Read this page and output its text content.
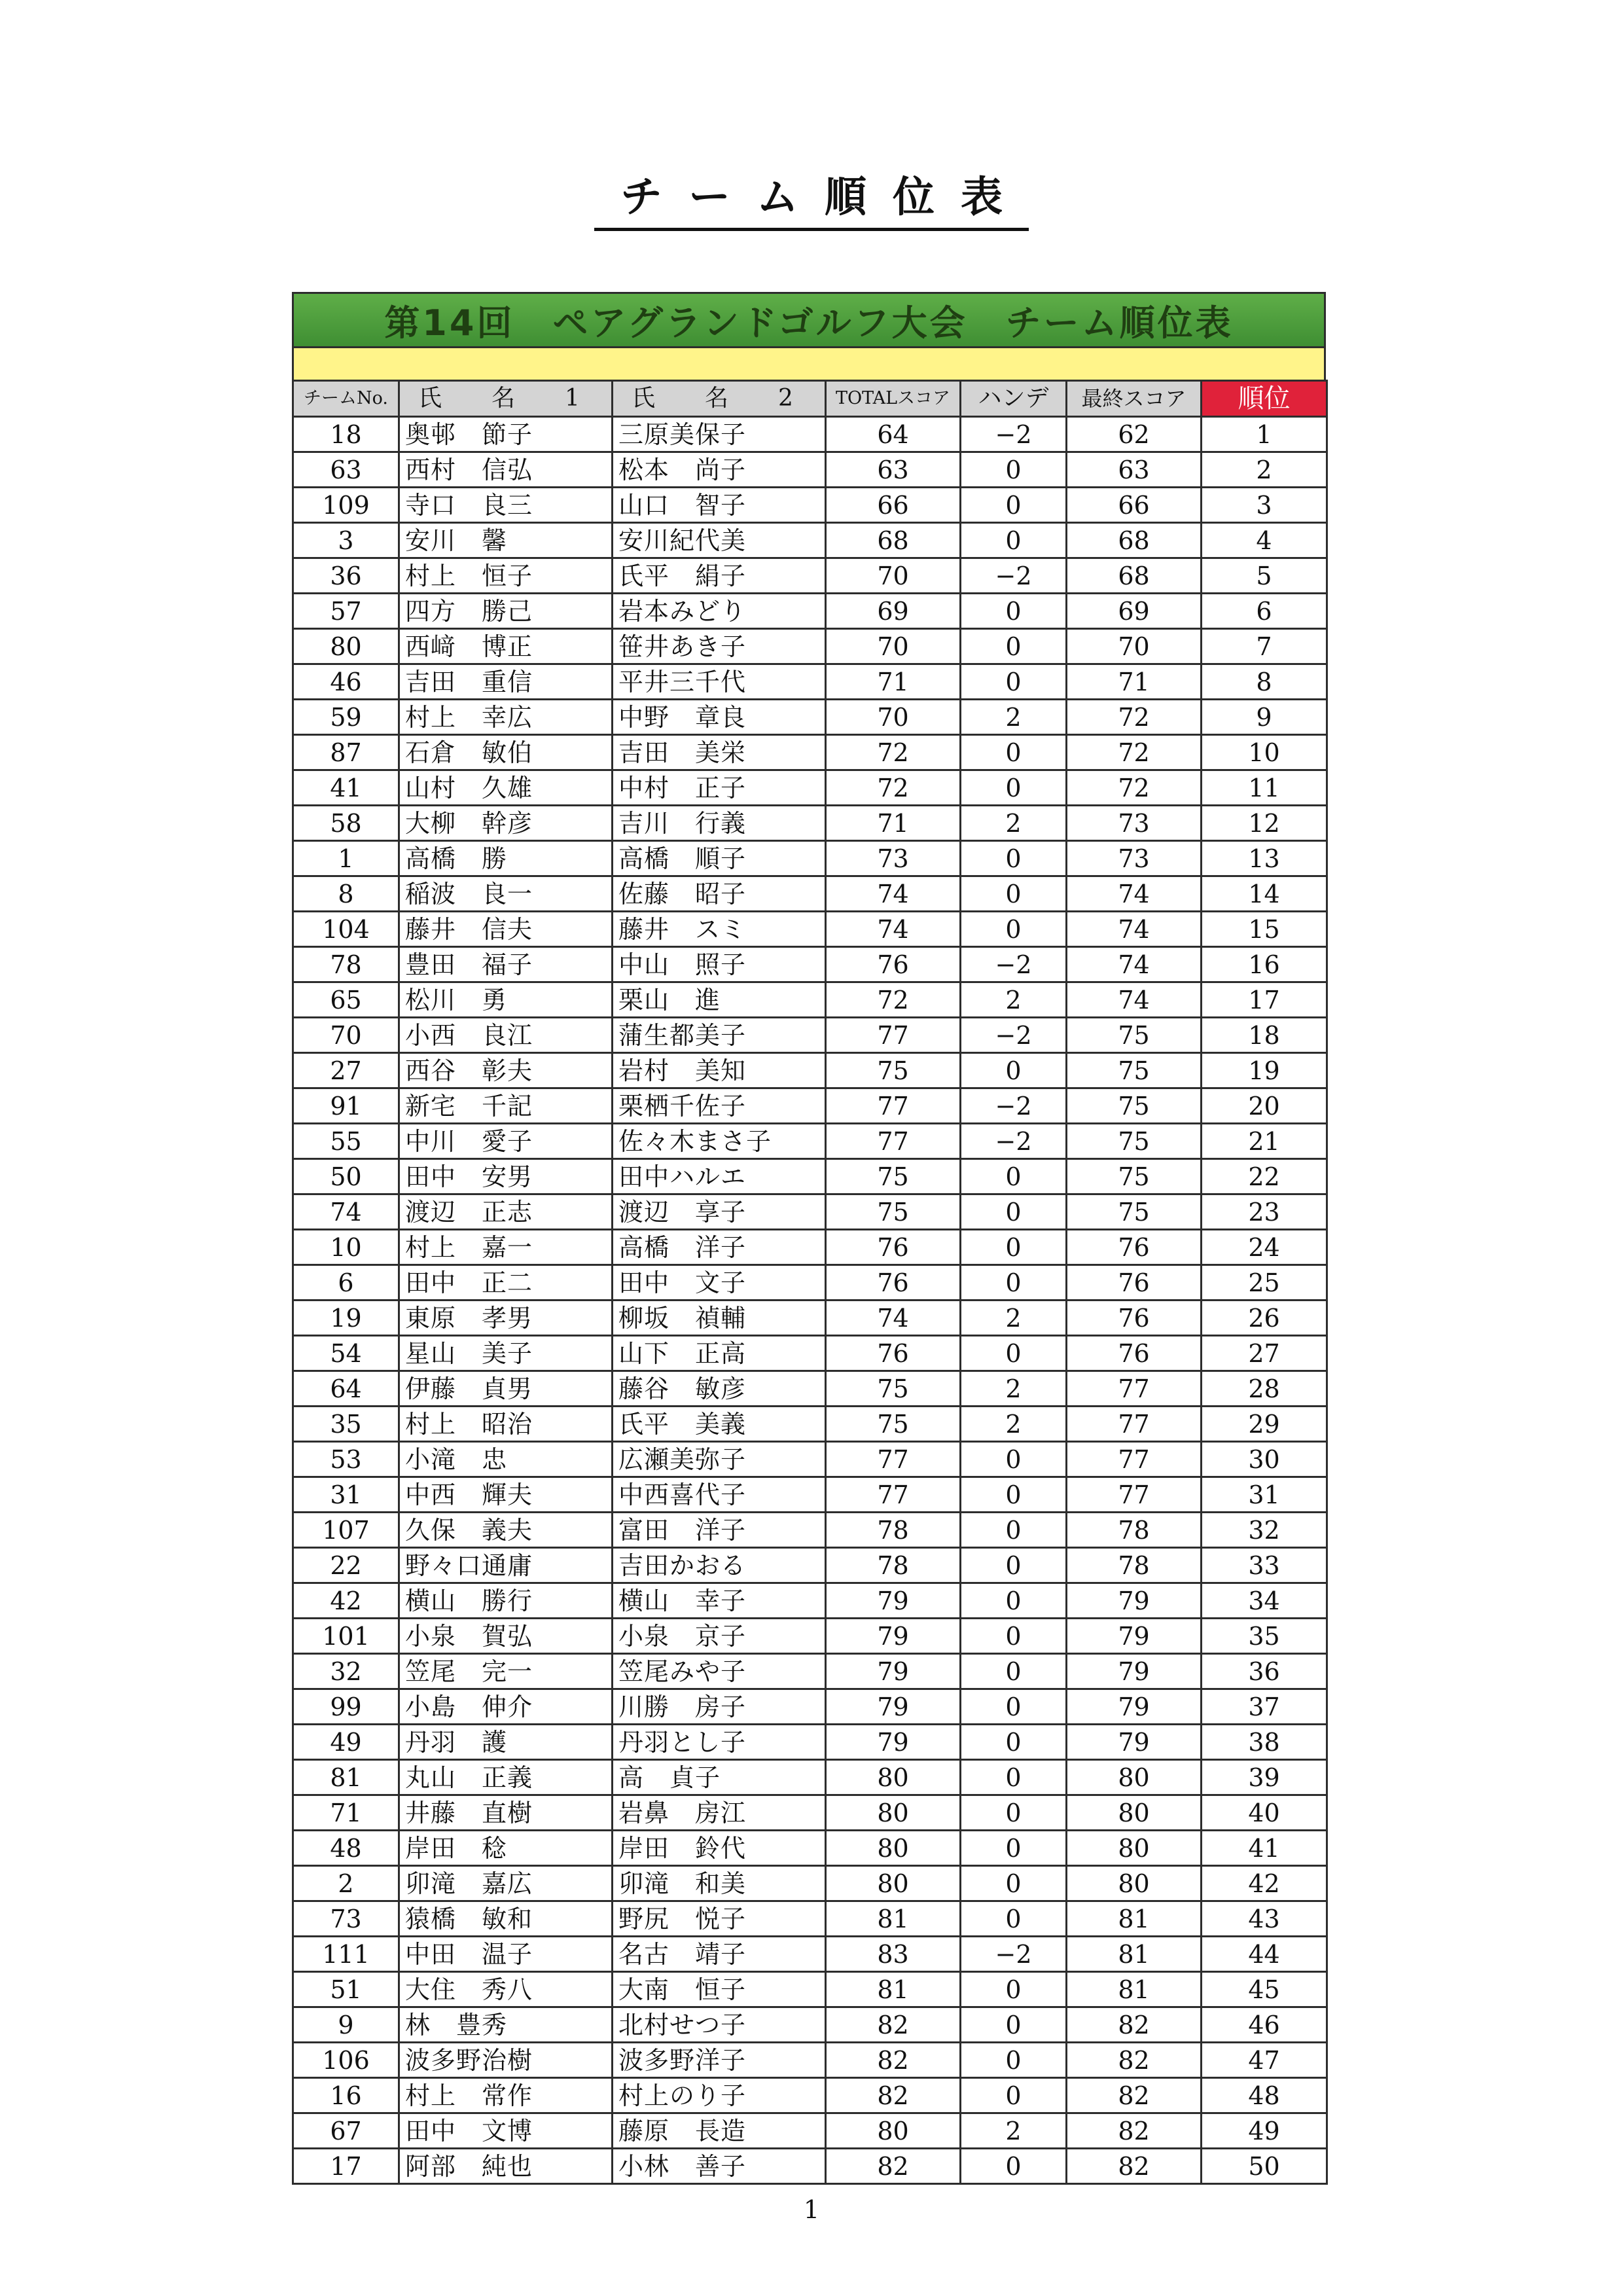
チーム順位表
第14回　ペアグランドゴルフ大会　チーム順位表
チームNo.	氏　名　1	氏　名　2	TOTALスコア	ハンデ	最終スコア	順位
18	奥邨　節子	三原美保子	64	−2	62	1
63	西村　信弘	松本　尚子	63	0	63	2
109	寺口　良三	山口　智子	66	0	66	3
3	安川　馨	安川紀代美	68	0	68	4
36	村上　恒子	氏平　絹子	70	−2	68	5
57	四方　勝己	岩本みどり	69	0	69	6
80	西﨑　博正	笹井あき子	70	0	70	7
46	吉田　重信	平井三千代	71	0	71	8
59	村上　幸広	中野　章良	70	2	72	9
87	石倉　敏伯	吉田　美栄	72	0	72	10
41	山村　久雄	中村　正子	72	0	72	11
58	大柳　幹彦	吉川　行義	71	2	73	12
1	高橋　勝	高橋　順子	73	0	73	13
8	稲波　良一	佐藤　昭子	74	0	74	14
104	藤井　信夫	藤井　スミ	74	0	74	15
78	豊田　福子	中山　照子	76	−2	74	16
65	松川　勇	栗山　進	72	2	74	17
70	小西　良江	蒲生都美子	77	−2	75	18
27	西谷　彰夫	岩村　美知	75	0	75	19
91	新宅　千記	栗栖千佐子	77	−2	75	20
55	中川　愛子	佐々木まさ子	77	−2	75	21
50	田中　安男	田中ハルエ	75	0	75	22
74	渡辺　正志	渡辺　享子	75	0	75	23
10	村上　嘉一	高橋　洋子	76	0	76	24
6	田中　正二	田中　文子	76	0	76	25
19	東原　孝男	柳坂　禎輔	74	2	76	26
54	星山　美子	山下　正高	76	0	76	27
64	伊藤　貞男	藤谷　敏彦	75	2	77	28
35	村上　昭治	氏平　美義	75	2	77	29
53	小滝　忠	広瀬美弥子	77	0	77	30
31	中西　輝夫	中西喜代子	77	0	77	31
107	久保　義夫	富田　洋子	78	0	78	32
22	野々口通庸	吉田かおる	78	0	78	33
42	横山　勝行	横山　幸子	79	0	79	34
101	小泉　賀弘	小泉　京子	79	0	79	35
32	笠尾　完一	笠尾みや子	79	0	79	36
99	小島　伸介	川勝　房子	79	0	79	37
49	丹羽　護	丹羽とし子	79	0	79	38
81	丸山　正義	高　貞子	80	0	80	39
71	井藤　直樹	岩鼻　房江	80	0	80	40
48	岸田　稔	岸田　鈴代	80	0	80	41
2	卯滝　嘉広	卯滝　和美	80	0	80	42
73	猿橋　敏和	野尻　悦子	81	0	81	43
111	中田　温子	名古　靖子	83	−2	81	44
51	大住　秀八	大南　恒子	81	0	81	45
9	林　豊秀	北村せつ子	82	0	82	46
106	波多野治樹	波多野洋子	82	0	82	47
16	村上　常作	村上のり子	82	0	82	48
67	田中　文博	藤原　長造	80	2	82	49
17	阿部　純也	小林　善子	82	0	82	50
1
